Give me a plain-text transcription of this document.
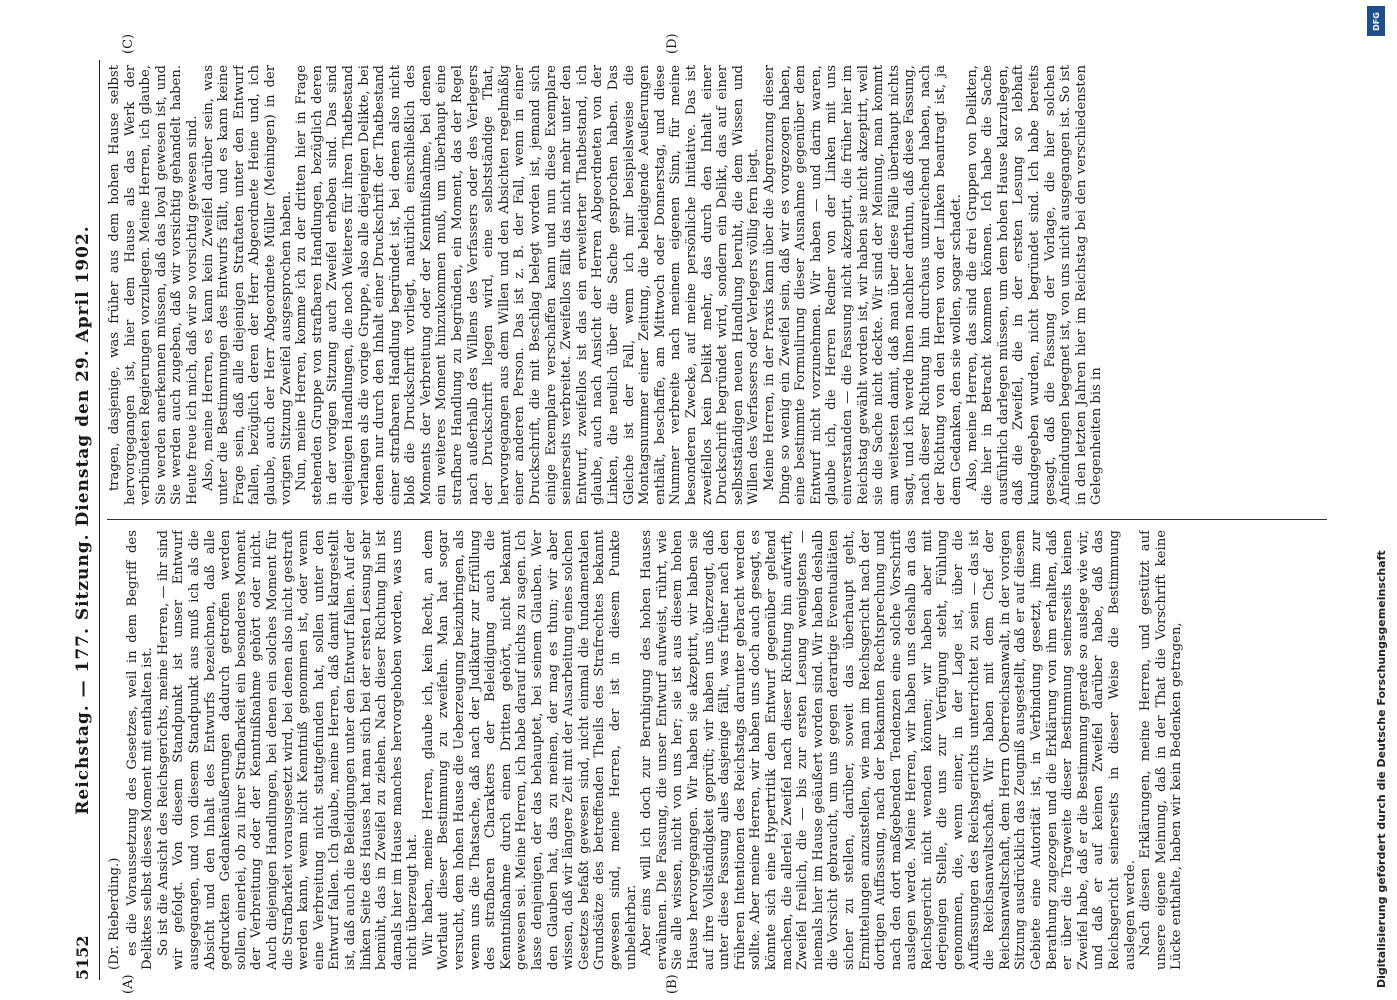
5152
Reichstag. — 177. Sitzung. Dienstag den 29. April 1902.
(A)	(B)
(C)	(D)

(Dr. Rieberding.) es die Voraussetzung des Gesetzes, weil in dem Begriff des Deliktes selbst dieses Moment mit enthalten ist. So ist die Ansicht des Reichsgerichts, meine Herren, — ihr sind wir gefolgt. Von diesem Standpunkt ist unser Entwurf ausgegangen, und von diesem Standpunkt aus muß ich als die Absicht und den Inhalt des Entwurfs bezeichnen, daß alle gedruckten Gedankenäußerungen dadurch getroffen werden sollen, einerlei, ob zu ihrer Strafbarkeit ein besonderes Moment der Verbreitung oder der Kenntnißnahme gehört oder nicht. Auch diejenigen Handlungen, bei denen ein solches Moment für die Strafbarkeit vorausgesetzt wird, bei denen also nicht gestraft werden kann, wenn nicht Kenntniß genommen ist, oder wenn eine Verbreitung nicht stattgefunden hat, sollen unter den Entwurf fallen. Ich glaube, meine Herren, daß damit klargestellt ist, daß auch die Beleidigungen unter den Entwurf fallen. Auf der linken Seite des Hauses hat man sich bei der ersten Lesung sehr bemüht, das in Zweifel zu ziehen. Nach dieser Richtung hin ist damals hier im Hause manches hervorgehoben worden, was uns nicht überzeugt hat. Wir haben, meine Herren, glaube ich, kein Recht, an dem Wortlaut dieser Bestimmung zu zweifeln. Man hat sogar versucht, dem hohen Hause die Ueberzeugung beizubringen, als wenn uns die Thatsache, daß nach der Judikatur zur Erfüllung des strafbaren Charakters der Beleidigung auch die Kenntnißnahme durch einen Dritten gehört, nicht bekannt gewesen sei. Meine Herren, ich habe darauf nichts zu sagen. Ich lasse denjenigen, der das behauptet, bei seinem Glauben. Wer den Glauben hat, das zu meinen, der mag es thun; wir aber wissen, daß wir längere Zeit mit der Ausarbeitung eines solchen Gesetzes befaßt gewesen sind, nicht einmal die fundamentalen Grundsätze des betreffenden Theils des Strafrechtes bekannt gewesen sind, meine Herren, der ist in diesem Punkte unbelehrbar. Aber eins will ich doch zur Beruhigung des hohen Hauses erwähnen. Die Fassung, die unser Entwurf aufweist, rührt, wie Sie alle wissen, nicht von uns her; sie ist aus diesem hohen Hause hervorgegangen. Wir haben sie akzeptirt, wir haben sie auf ihre Vollständigkeit geprüft; wir haben uns überzeugt, daß unter diese Fassung alles dasjenige fällt, was früher nach den früheren Intentionen des Reichstags darunter gebracht werden sollte. Aber meine Herren, wir haben uns doch auch gesagt, es könnte sich eine Hypertritik dem Entwurf gegenüber geltend machen, die allerlei Zweifel nach dieser Richtung hin aufwirft, Zweifel freilich, die — bis zur ersten Lesung wenigstens — niemals hier im Hause geäußert worden sind. Wir haben deshalb die Vorsicht gebraucht, um uns gegen derartige Eventualitäten sicher zu stellen, darüber, soweit das überhaupt geht, Ermittelungen anzustellen, wie man im Reichsgericht nach der dortigen Auffassung, nach der bekannten Rechtsprechung und nach den dort maßgebenden Tendenzen eine solche Vorschrift auslegen werde. Meine Herren, wir haben uns deshalb an das Reichsgericht nicht wenden können; wir haben aber mit derjenigen Stelle, die uns zur Verfügung steht, Fühlung genommen, die, wenn einer, in der Lage ist, über die Auffassungen des Reichsgerichts unterrichtet zu sein — das ist die Reichsanwaltschaft. Wir haben mit dem Chef der Reichsanwaltschaft, dem Herrn Oberreichsanwalt, in der vorigen Sitzung ausdrücklich das Zeugniß ausgestellt, daß er auf diesem Gebiete eine Autorität ist, in Verbindung gesetzt, ihm zur Berathung zugezogen und die Erklärung von ihm erhalten, daß er über die Tragweite dieser Bestimmung seinerseits keinen Zweifel habe, daß er die Bestimmung gerade so auslege wie wir, und daß er auf keinen Zweifel darüber habe, daß das Reichsgericht seinerseits in dieser Weise die Bestimmung auslegen werde. Nach diesen Erklärungen, meine Herren, und gestützt auf unsere eigene Meinung, daß in der That die Vorschrift keine Lücke enthalte, haben wir kein Bedenken getragen,

tragen, dasjenige, was früher aus dem hohen Hause selbst hervorgegangen ist, hier dem Hause als das Werk der verbündeten Regierungen vorzulegen. Meine Herren, ich glaube, Sie werden anerkennen müssen, daß das loyal gewesen ist, und Sie werden auch zugeben, daß wir vorsichtig gehandelt haben. Heute freue ich mich, daß wir so vorsichtig gewesen sind. Also, meine Herren, es kann kein Zweifel darüber sein, was unter die Bestimmungen des Entwurfs fällt, und es kann keine Frage sein, daß alle diejenigen Straftaten unter den Entwurf fallen, bezüglich deren der Herr Abgeordnete Heine und, ich glaube, auch der Herr Abgeordnete Müller (Meiningen) in der vorigen Sitzung Zweifel ausgesprochen haben. Nun, meine Herren, komme ich zu der dritten hier in Frage stehenden Gruppe von strafbaren Handlungen, bezüglich deren in der vorigen Sitzung auch Zweifel erhoben sind. Das sind diejenigen Handlungen, die noch Weiteres für ihren Thatbestand verlangen als die vorige Gruppe, also alle diejenigen Delikte, bei denen nur durch den Inhalt einer Druckschrift der Thatbestand einer strafbaren Handlung begründet ist, bei denen also nicht bloß die Druckschrift vorliegt, natürlich einschließlich des Moments der Verbreitung oder der Kenntnißnahme, bei denen ein weiteres Moment hinzukommen muß, um überhaupt eine strafbare Handlung zu begründen, ein Moment, das der Regel nach außerhalb des Willens des Verfassers oder des Verlegers der Druckschrift liegen wird, eine selbstständige That, hervorgegangen aus dem Willen und den Absichten regelmäßig einer anderen Person. Das ist z. B. der Fall, wenn in einer Druckschrift, die mit Beschlag belegt worden ist, jemand sich einige Exemplare verschaffen kann und nun diese Exemplare seinerseits verbreitet. Zweifellos fällt das nicht mehr unter den Entwurf, zweifellos ist das ein erweiterter Thatbestand, ich glaube, auch nach Ansicht der Herren Abgeordneten von der Linken, die neulich über die Sache gesprochen haben. Das Gleiche ist der Fall, wenn ich mir beispielsweise die Montagsnummer einer Zeitung, die beleidigende Aeußerungen enthält, beschaffe, am Mittwoch oder Donnerstag, und diese Nummer verbreite nach meinem eigenen Sinn, für meine besonderen Zwecke, auf meine persönliche Initiative. Das ist zweifellos kein Delikt mehr, das durch den Inhalt einer Druckschrift begründet wird, sondern ein Delikt, das auf einer selbstständigen neuen Handlung beruht, die dem Wissen und Willen des Verfassers oder Verlegers völlig fern liegt. Meine Herren, in der Praxis kann über die Abgrenzung dieser Dinge so wenig ein Zweifel sein, daß wir es vorgezogen haben, eine bestimmte Formulirung dieser Ausnahme gegenüber dem Entwurf nicht vorzunehmen. Wir haben — und darin waren, glaube ich, die Herren Redner von der Linken mit uns einverstanden — die Fassung nicht akzeptirt, die früher hier im Reichstag gewählt worden ist, wir haben sie nicht akzeptirt, weil sie die Sache nicht deckte. Wir sind der Meinung, man kommt am weitesten damit, daß man über diese Fälle überhaupt nichts sagt, und ich werde Ihnen nachher darthun, daß diese Fassung, nach dieser Richtung hin durchaus unzureichend haben, nach der Richtung von den Herren von der Linken beantragt ist, ja dem Gedanken, den sie wollen, sogar schadet. Also, meine Herren, das sind die drei Gruppen von Delikten, die hier in Betracht kommen können. Ich habe die Sache ausführlich darlegen müssen, um dem hohen Hause klarzulegen, daß die Zweifel, die in der ersten Lesung so lebhaft kundgegeben wurden, nicht begründet sind. Ich habe bereits gesagt, daß die Fassung der Vorlage, die hier solchen Anfeindungen begegnet ist, von uns nicht ausgegangen ist. So ist in den letzten Jahren hier im Reichstag bei den verschiedensten Gelegenheiten bis in

DFG
Digitalisierung gefördert durch die Deutsche Forschungsgemeinschaft
